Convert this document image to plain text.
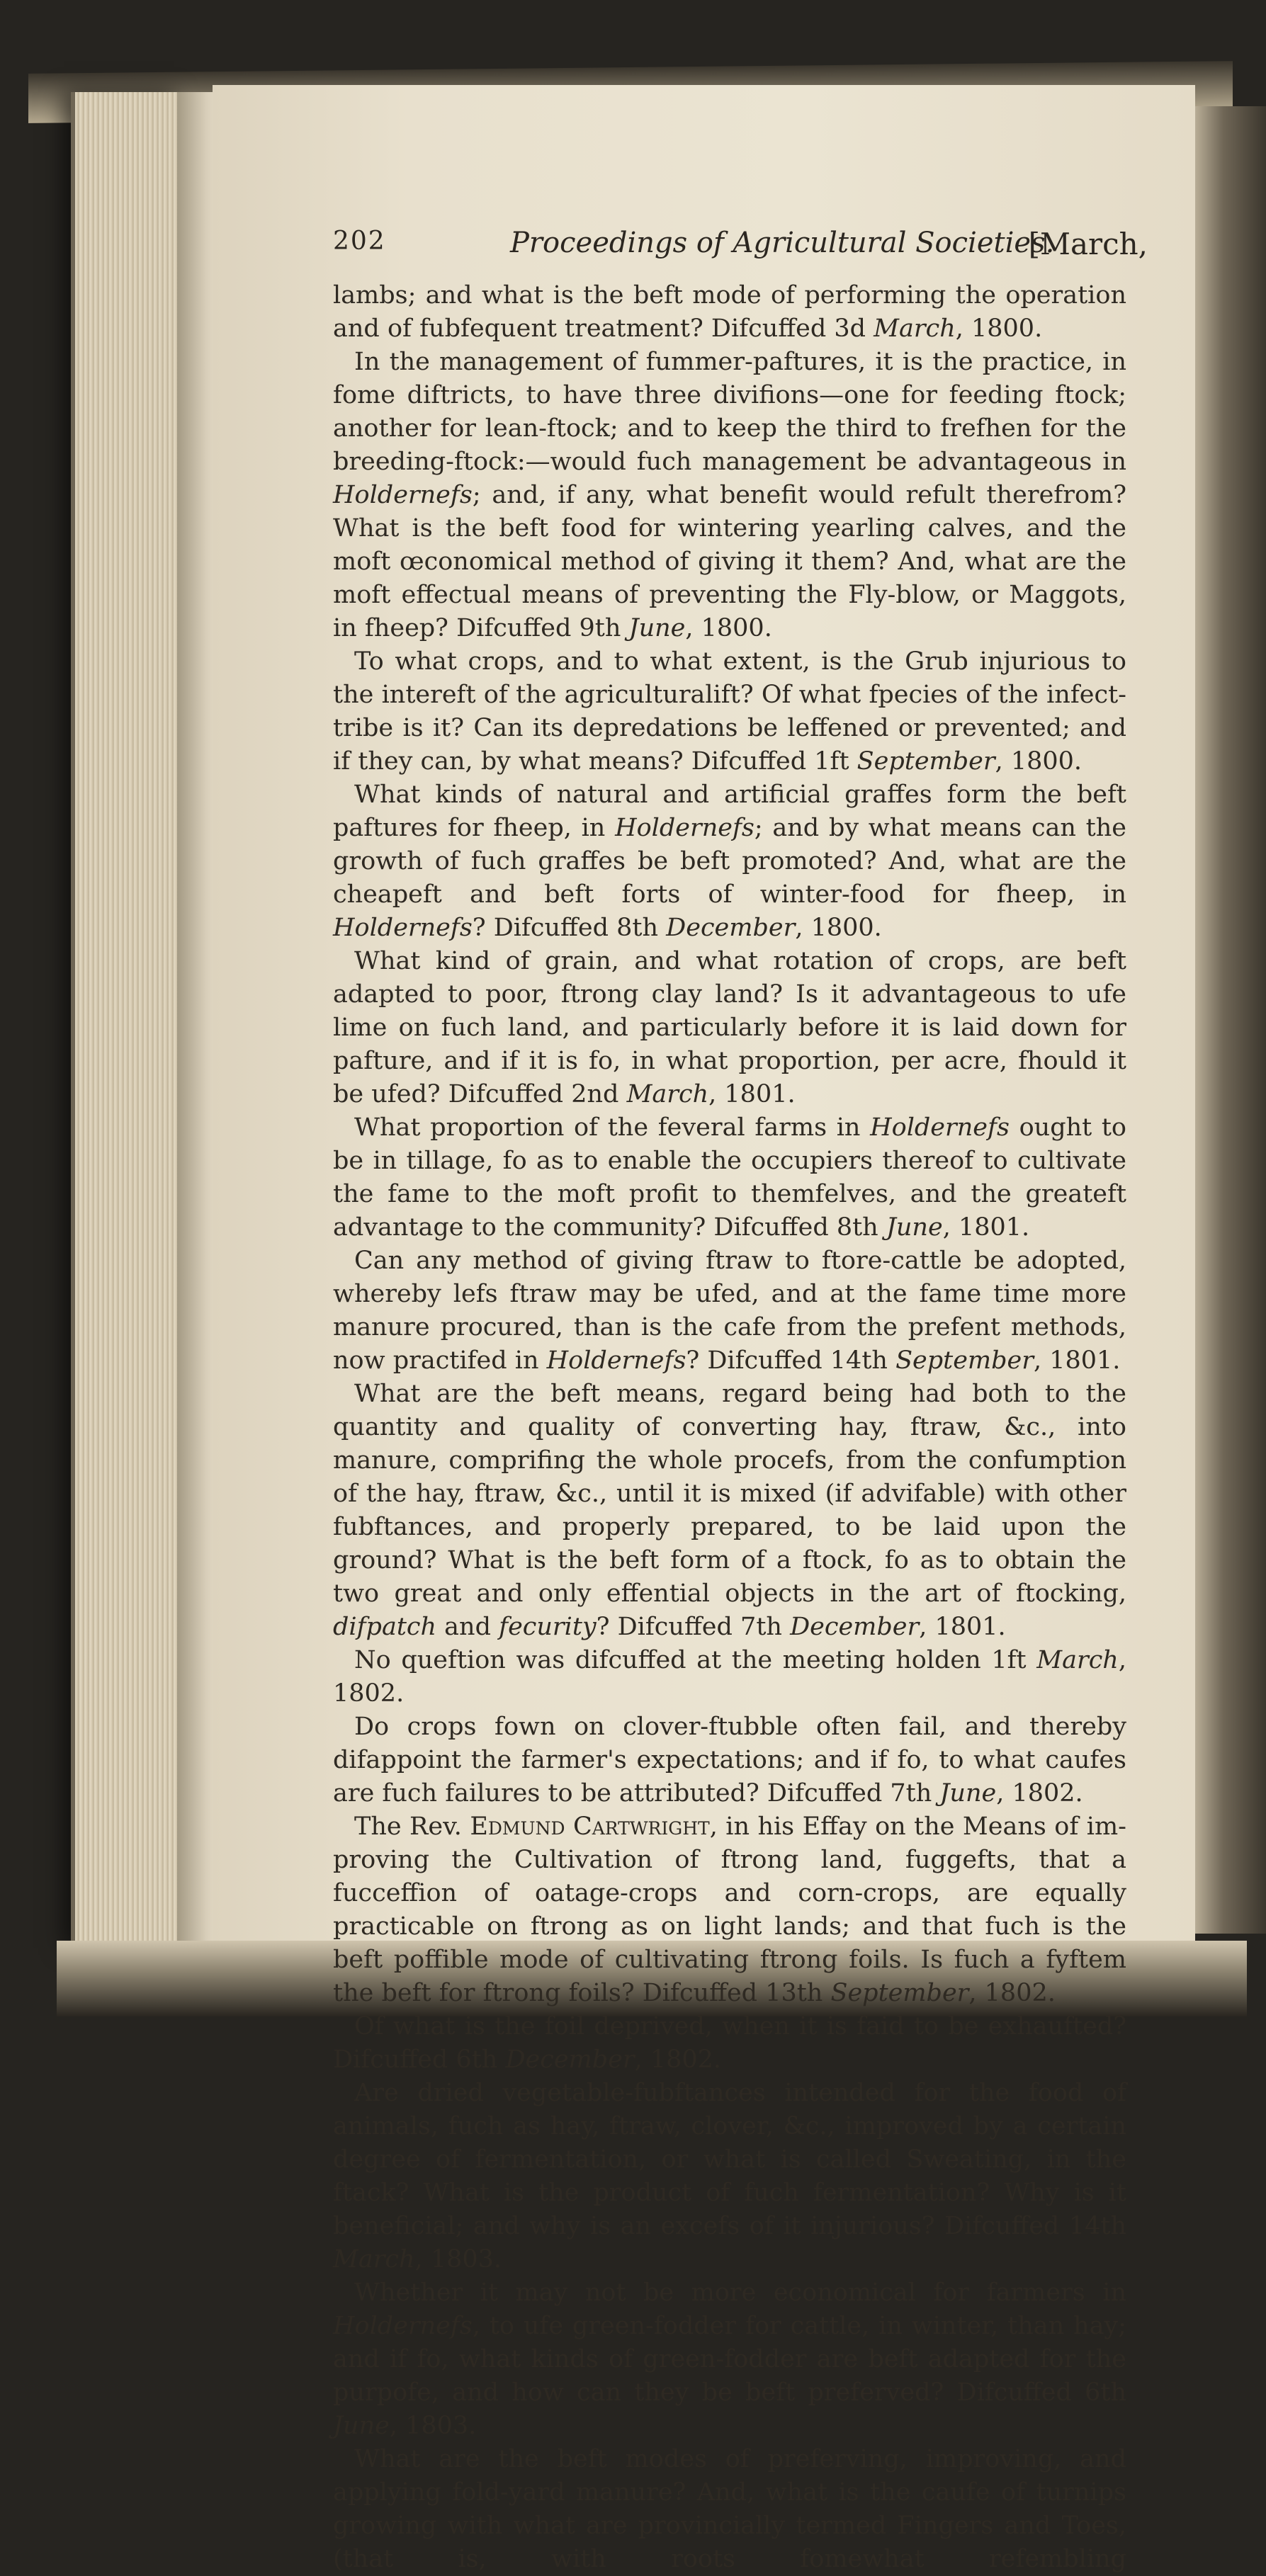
202	Proceedings of Agricultural Societies.
[March,

lambs; and what is the beft mode of performing the operation and of fubfequent treatment? Difcuffed 3d March, 1800.

In the management of fummer-paftures, it is the practice, in fome diftricts, to have three divifions—one for feeding ftock; another for lean-ftock; and to keep the third to frefhen for the breeding-ftock:—would fuch management be advantageous in Holdernefs; and, if any, what benefit would refult therefrom? What is the beft food for wintering yearling calves, and the moft œconomical method of giving it them? And, what are the moft effectual means of preventing the Fly-blow, or Maggots, in fheep? Difcuffed 9th June, 1800.

To what crops, and to what extent, is the Grub injurious to the intereft of the agriculturalift? Of what fpecies of the infect-tribe is it? Can its depredations be leffened or prevented; and if they can, by what means? Difcuffed 1ft September, 1800.

What kinds of natural and artificial graffes form the beft paftures for fheep, in Holdernefs; and by what means can the growth of fuch graffes be beft promoted? And, what are the cheapeft and beft forts of winter-food for fheep, in Holdernefs? Difcuffed 8th December, 1800.

What kind of grain, and what rotation of crops, are beft adapted to poor, ftrong clay land? Is it advantageous to ufe lime on fuch land, and particularly before it is laid down for pafture, and if it is fo, in what proportion, per acre, fhould it be ufed? Difcuffed 2nd March, 1801.

What proportion of the feveral farms in Holdernefs ought to be in tillage, fo as to enable the occupiers thereof to cultivate the fame to the moft profit to themfelves, and the greateft advantage to the community? Difcuffed 8th June, 1801.

Can any method of giving ftraw to ftore-cattle be adopted, whereby lefs ftraw may be ufed, and at the fame time more manure procured, than is the cafe from the prefent methods, now practifed in Holdernefs? Difcuffed 14th September, 1801.

What are the beft means, regard being had both to the quantity and quality of converting hay, ftraw, &c., into manure, comprifing the whole procefs, from the confumption of the hay, ftraw, &c., until it is mixed (if advifable) with other fubftances, and properly prepared, to be laid upon the ground? What is the beft form of a ftock, fo as to obtain the two great and only effential objects in the art of ftocking, difpatch and fecurity? Difcuffed 7th December, 1801.

No queftion was difcuffed at the meeting holden 1ft March, 1802.

Do crops fown on clover-ftubble often fail, and thereby difappoint the farmer's expectations; and if fo, to what caufes are fuch failures to be attributed? Difcuffed 7th June, 1802.

The Rev. Edmund Cartwright, in his Effay on the Means of improving the Cultivation of ftrong land, fuggefts, that a fucceffion of oatage-crops and corn-crops, are equally practicable on ftrong as on light lands; and that fuch is the beft poffible mode of cultivating ftrong foils. Is fuch a fyftem the beft for ftrong foils? Difcuffed 13th September, 1802.

Of what is the foil deprived, when it is faid to be exhaufted? Difcuffed 6th December, 1802.

Are dried vegetable-fubftances intended for the food of animals, fuch as hay, ftraw, clover, &c., improved by a certain degree of fermentation, or what is called Sweating, in the ftack? What is the product of fuch fermentation? Why is it beneficial; and why is an excefs of it injurious? Difcuffed 14th March, 1803.

Whether it may not be more economical for farmers in Holdernefs, to ufe green-fodder for cattle, in winter, than hay; and if fo, what kinds of green-fodder are beft adapted for the purpofe, and how can they be beft preferved? Difcuffed 6th June, 1803.

What are the beft modes of preferving, improving, and applying fold-yard manure? And, what is the caufe of turnips growing with what are provincially termed Fingers and Toes, (that is, with roots fomewhat refembling
